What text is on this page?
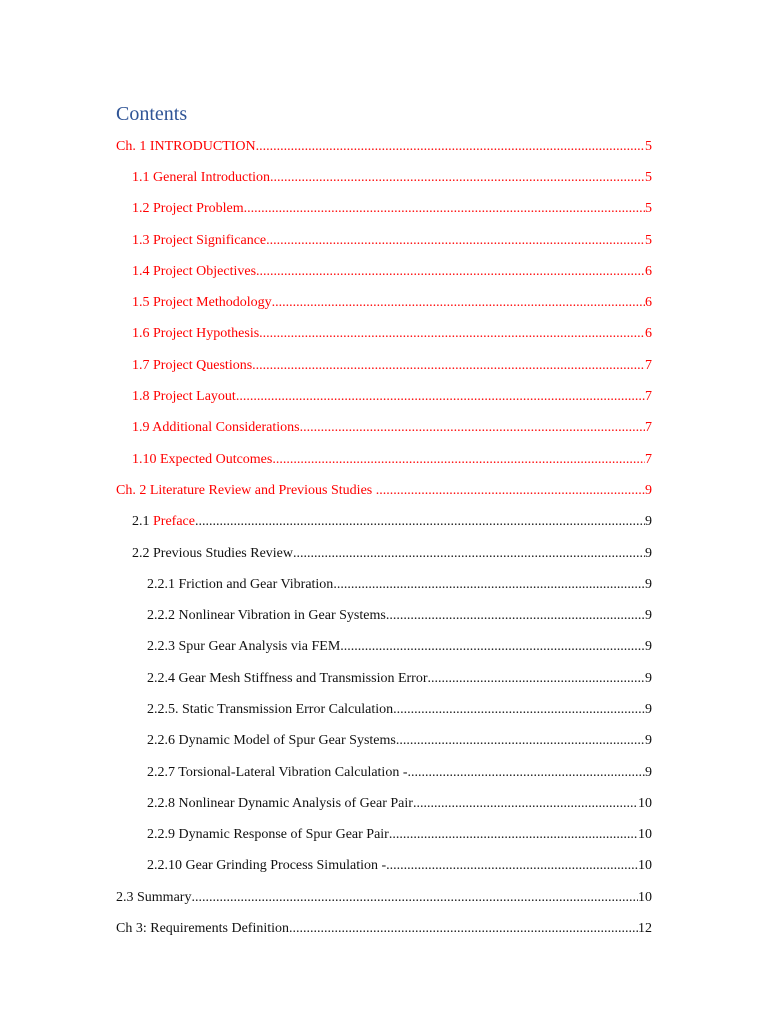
Contents
Ch. 1 INTRODUCTION .....	5
1.1 General Introduction .....	5
1.2 Project Problem .....	5
1.3 Project Significance .....	5
1.4 Project Objectives .....	6
1.5 Project Methodology .....	6
1.6 Project Hypothesis .....	6
1.7 Project Questions .....	7
1.8 Project Layout .....	7
1.9 Additional Considerations .....	7
1.10 Expected Outcomes .....	7
Ch. 2 Literature Review and Previous Studies .....	9
2.1 Preface .....	9
2.2 Previous Studies Review .....	9
2.2.1 Friction and Gear Vibration .....	9
2.2.2 Nonlinear Vibration in Gear Systems .....	9
2.2.3 Spur Gear Analysis via FEM .....	9
2.2.4 Gear Mesh Stiffness and Transmission Error .....	9
2.2.5. Static Transmission Error Calculation .....	9
2.2.6 Dynamic Model of Spur Gear Systems .....	9
2.2.7 Torsional-Lateral Vibration Calculation - .....	9
2.2.8 Nonlinear Dynamic Analysis of Gear Pair .....	10
2.2.9 Dynamic Response of Spur Gear Pair .....	10
2.2.10 Gear Grinding Process Simulation - .....	10
2.3 Summary .....	10
Ch 3: Requirements Definition .....	12
